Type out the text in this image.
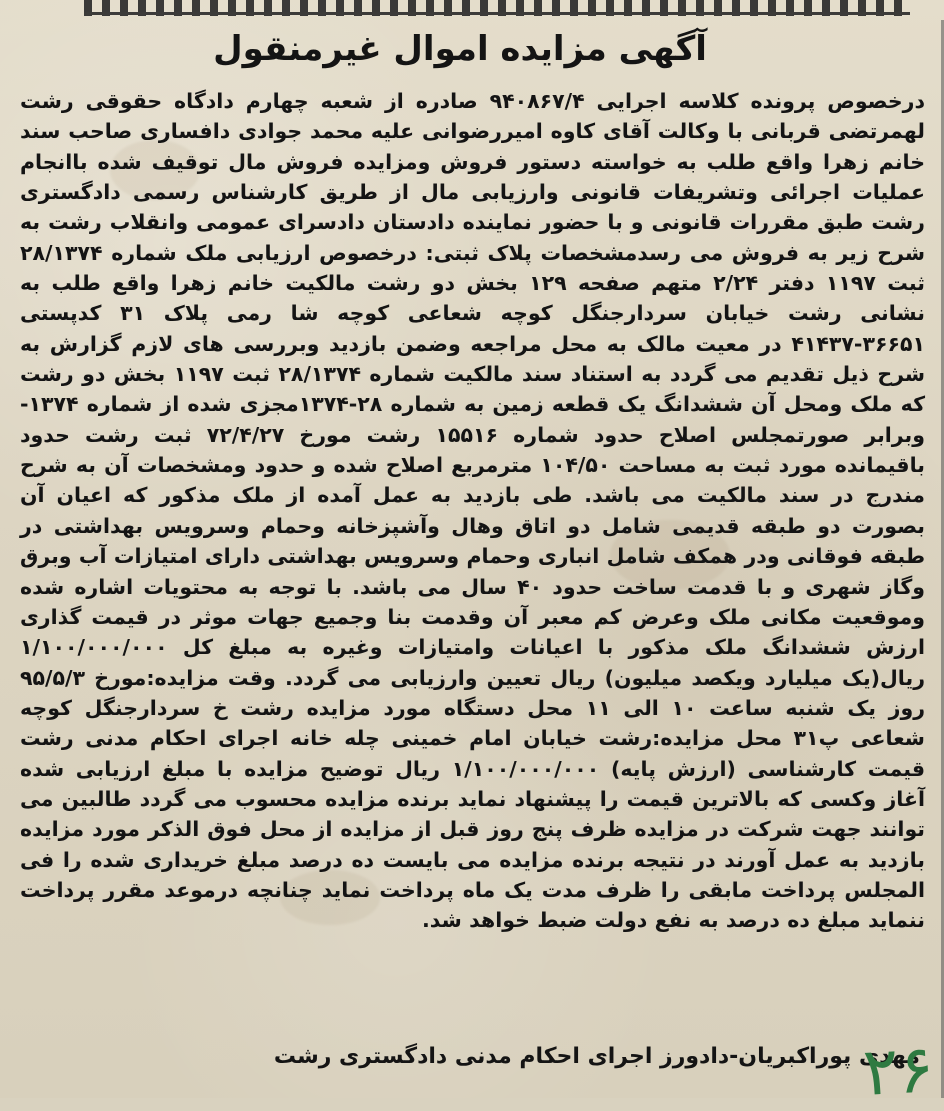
آگهی مزایده اموال غیرمنقول
درخصوص پرونده کلاسه اجرایی ۹۴۰۸۶۷/۴ صادره از شعبه چهارم دادگاه حقوقی رشت لهمرتضی قربانی با وکالت آقای کاوه امیررضوانی علیه محمد جوادی دافساری صاحب سند خانم زهرا واقع طلب به خواسته دستور فروش ومزایده فروش مال توقیف شده باانجام عملیات اجرائی وتشریفات قانونی وارزیابی مال از طریق کارشناس رسمی دادگستری رشت طبق مقررات قانونی و با حضور نماینده دادستان دادسرای عمومی وانقلاب رشت به شرح زیر به فروش می رسدمشخصات پلاک ثبتی: درخصوص ارزیابی ملک شماره ۲۸/۱۳۷۴ ثبت ۱۱۹۷ دفتر ۲/۲۴ متهم صفحه ۱۲۹ بخش دو رشت مالکیت خانم زهرا واقع طلب به نشانی رشت خیابان سردارجنگل کوچه شعاعی کوچه شا رمی پلاک ۳۱ کدپستی ۳۶۶۵۱-۴۱۴۳۷ در معیت مالک به محل مراجعه وضمن بازدید وبررسی های لازم گزارش به شرح ذیل تقدیم می گردد به استناد سند مالکیت شماره ۲۸/۱۳۷۴ ثبت ۱۱۹۷ بخش دو رشت که ملک ومحل آن ششدانگ یک قطعه زمین به شماره ۲۸-۱۳۷۴مجزی شده از شماره ۱۳۷۴-وبرابر صورتمجلس اصلاح حدود شماره ۱۵۵۱۶ رشت مورخ ۷۲/۴/۲۷ ثبت رشت حدود باقیمانده مورد ثبت به مساحت ۱۰۴/۵۰ مترمربع اصلاح شده و حدود ومشخصات آن به شرح مندرج در سند مالکیت می باشد. طی بازدید به عمل آمده از ملک مذکور که اعیان آن بصورت دو طبقه قدیمی شامل دو اتاق وهال وآشپزخانه وحمام وسرویس بهداشتی در طبقه فوقانی ودر همکف شامل انباری وحمام وسرویس بهداشتی دارای امتیازات آب وبرق وگاز شهری و با قدمت ساخت حدود ۴۰ سال می باشد. با توجه به محتویات اشاره شده وموقعیت مکانی ملک وعرض کم معبر آن وقدمت بنا وجمیع جهات موثر در قیمت گذاری ارزش ششدانگ ملک مذکور با اعیانات وامتیازات وغیره به مبلغ کل ۱/۱۰۰/۰۰۰/۰۰۰ ریال(یک میلیارد ویکصد میلیون) ریال تعیین وارزیابی می گردد. وقت مزایده:مورخ ۹۵/۵/۳ روز یک شنبه ساعت ۱۰ الی ۱۱ محل دستگاه مورد مزایده رشت خ سردارجنگل کوچه شعاعی پ۳۱ محل مزایده:رشت خیابان امام خمینی چله خانه اجرای احکام مدنی رشت قیمت کارشناسی (ارزش پایه) ۱/۱۰۰/۰۰۰/۰۰۰ ریال توضیح مزایده با مبلغ ارزیابی شده آغاز وکسی که بالاترین قیمت را پیشنهاد نماید برنده مزایده محسوب می گردد طالبین می توانند جهت شرکت در مزایده ظرف پنج روز قبل از مزایده از محل فوق الذکر مورد مزایده بازدید به عمل آورند در نتیجه برنده مزایده می بایست ده درصد مبلغ خریداری شده را فی المجلس پرداخت مابقی را ظرف مدت یک ماه پرداخت نماید چنانچه درموعد مقرر پرداخت ننماید مبلغ ده درصد به نفع دولت ضبط خواهد شد.
مهدی پوراکبریان-دادورز اجرای احکام مدنی دادگستری رشت
۲۶
